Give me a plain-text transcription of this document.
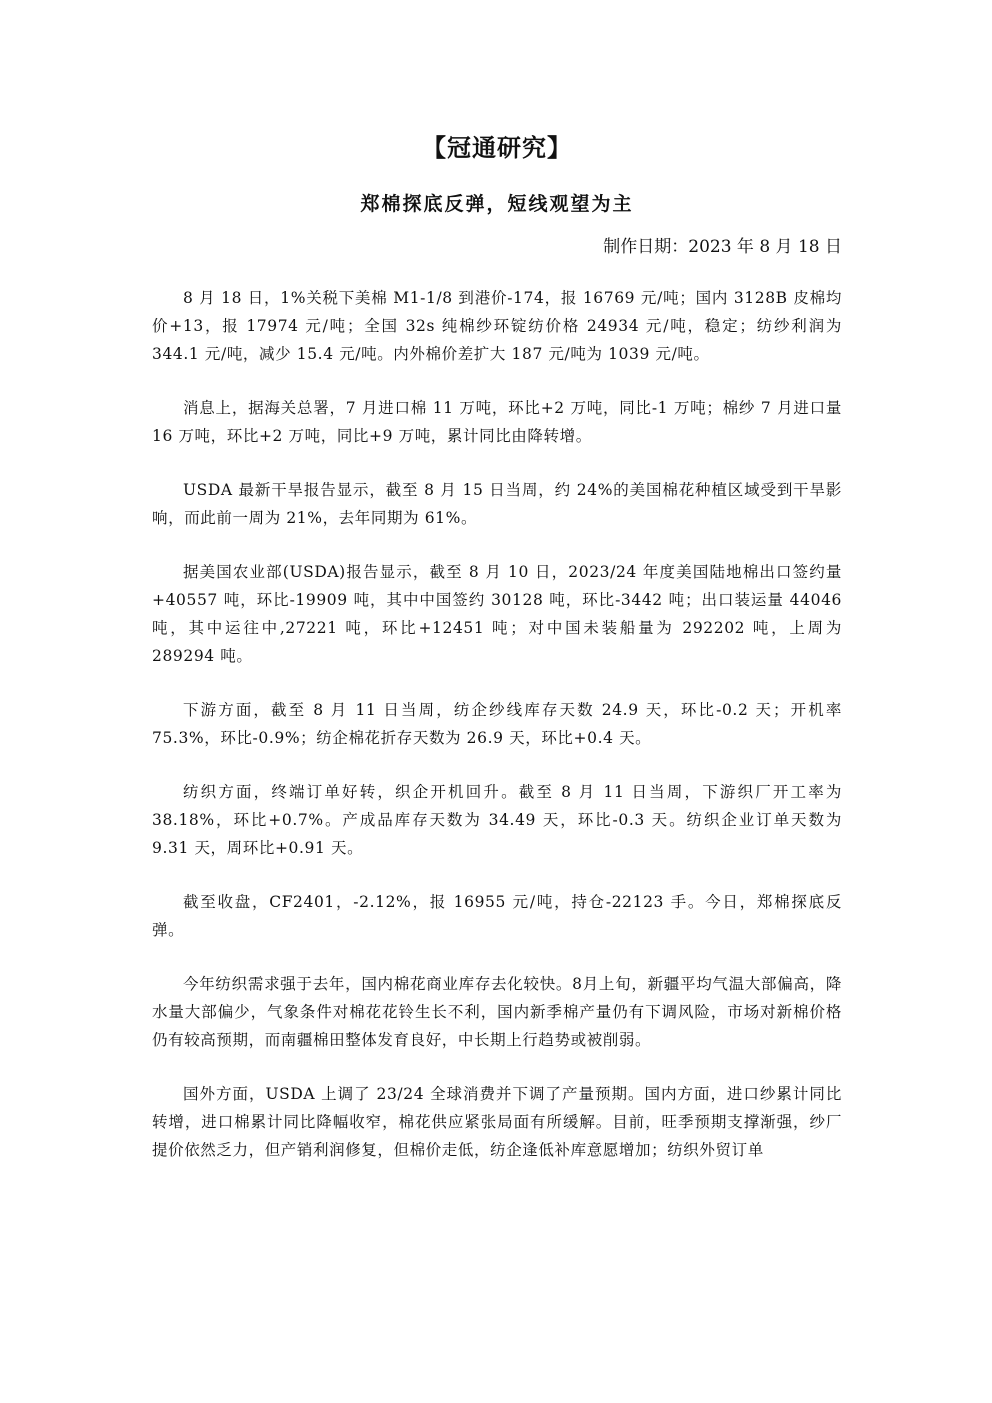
【冠通研究】
郑棉探底反弹，短线观望为主
制作日期：2023 年 8 月 18 日

8 月 18 日，1%关税下美棉 M1-1/8 到港价-174，报 16769 元/吨；国内 3128B 皮棉均价+13，报 17974 元/吨；全国 32s 纯棉纱环锭纺价格 24934 元/吨，稳定；纺纱利润为 344.1 元/吨，减少 15.4 元/吨。内外棉价差扩大 187 元/吨为 1039 元/吨。

消息上，据海关总署，7 月进口棉 11 万吨，环比+2 万吨，同比-1 万吨；棉纱 7 月进口量 16 万吨，环比+2 万吨，同比+9 万吨，累计同比由降转增。

USDA 最新干旱报告显示，截至 8 月 15 日当周，约 24%的美国棉花种植区域受到干旱影响，而此前一周为 21%，去年同期为 61%。

据美国农业部(USDA)报告显示，截至 8 月 10 日，2023/24 年度美国陆地棉出口签约量+40557 吨，环比-19909 吨，其中中国签约 30128 吨，环比-3442 吨；出口装运量 44046 吨，其中运往中,27221 吨，环比+12451 吨；对中国未装船量为 292202 吨，上周为 289294 吨。

下游方面，截至 8 月 11 日当周，纺企纱线库存天数 24.9 天，环比-0.2 天；开机率 75.3%，环比-0.9%；纺企棉花折存天数为 26.9 天，环比+0.4 天。

纺织方面，终端订单好转，织企开机回升。截至 8 月 11 日当周，下游织厂开工率为 38.18%，环比+0.7%。产成品库存天数为 34.49 天，环比-0.3 天。纺织企业订单天数为 9.31 天，周环比+0.91 天。

截至收盘，CF2401，-2.12%，报 16955 元/吨，持仓-22123 手。今日，郑棉探底反弹。

今年纺织需求强于去年，国内棉花商业库存去化较快。8月上旬，新疆平均气温大部偏高，降水量大部偏少，气象条件对棉花花铃生长不利，国内新季棉产量仍有下调风险，市场对新棉价格仍有较高预期，而南疆棉田整体发育良好，中长期上行趋势或被削弱。

国外方面，USDA 上调了 23/24 全球消费并下调了产量预期。国内方面，进口纱累计同比转增，进口棉累计同比降幅收窄，棉花供应紧张局面有所缓解。目前，旺季预期支撑渐强，纱厂提价依然乏力，但产销利润修复，但棉价走低，纺企逢低补库意愿增加；纺织外贸订单
